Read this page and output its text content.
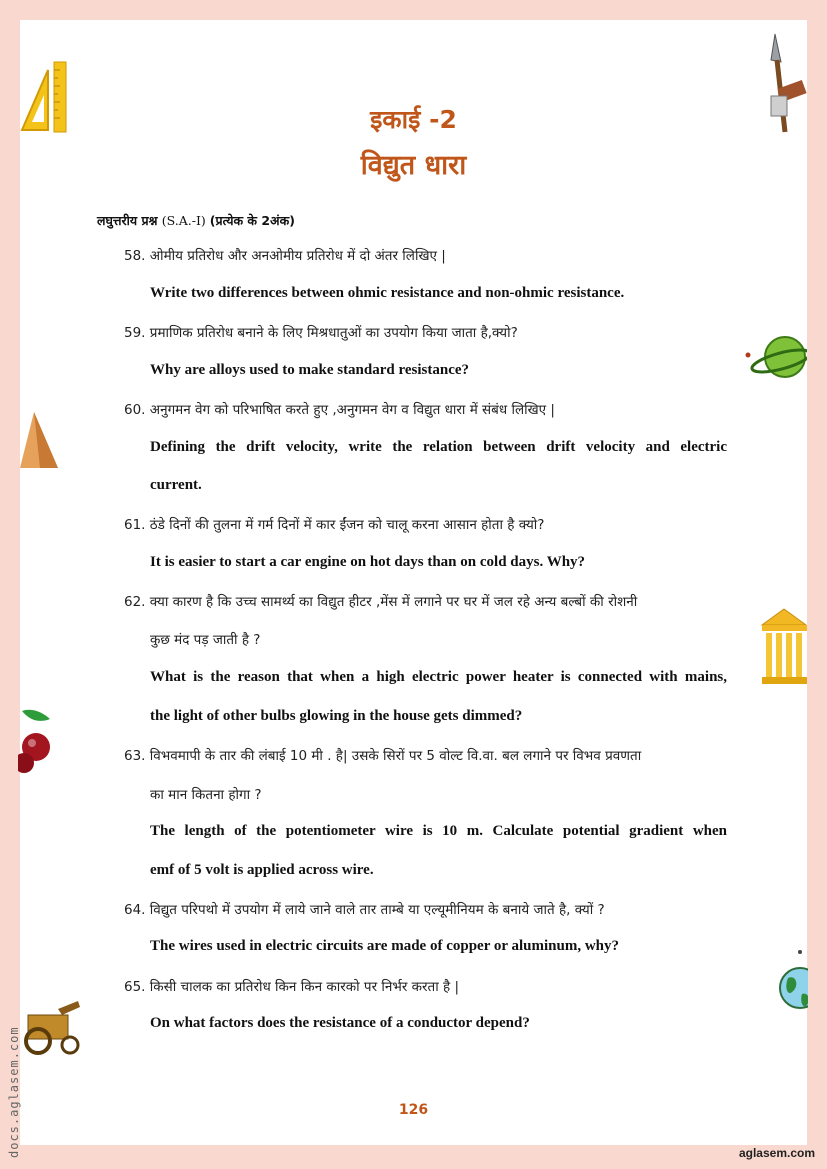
इकाई -2
विद्युत धारा
लघुत्तरीय प्रश्न (S.A.-I) (प्रत्येक के 2अंक)
58. ओमीय प्रतिरोध और अनओमीय प्रतिरोध में दो अंतर लिखिए |
Write two differences between ohmic resistance and non-ohmic resistance.
59. प्रमाणिक प्रतिरोध बनाने के लिए मिश्रधातुओं का उपयोग किया जाता है,क्यो?
Why are alloys used to make standard resistance?
60. अनुगमन वेग को परिभाषित करते हुए ,अनुगमन वेग व विद्युत धारा में संबंध लिखिए |
Defining the drift velocity, write the relation between drift velocity and electric
current.
61. ठंडे दिनों की तुलना में गर्म दिनों में कार ईंजन को चालू करना आसान होता है क्यो?
It is easier to start a car engine on hot days than on cold days. Why?
62. क्या कारण है कि उच्च सामर्थ्य का विद्युत हीटर ,मेंस में लगाने पर घर में जल रहे अन्य बल्बों की रोशनी
कुछ मंद पड़ जाती है ?
What is the reason that when a high electric power heater is connected with mains,
the light of other bulbs glowing in the house gets dimmed?
63. विभवमापी के तार की लंबाई 10 मी . है| उसके सिरों पर 5 वोल्ट वि.वा. बल लगाने पर विभव प्रवणता
का मान कितना होगा ?
The length of the potentiometer wire is 10 m. Calculate potential gradient when
emf of 5 volt is applied across wire.
64. विद्युत परिपथो में उपयोग में लाये जाने वाले तार ताम्बे या एल्यूमीनियम के बनाये जाते है, क्यों ?
The wires used in electric circuits are made of copper or aluminum, why?
65. किसी चालक का प्रतिरोध किन किन कारको पर निर्भर करता है |
On what factors does the resistance of a conductor depend?
126
aglasem.com
docs.aglasem.com
